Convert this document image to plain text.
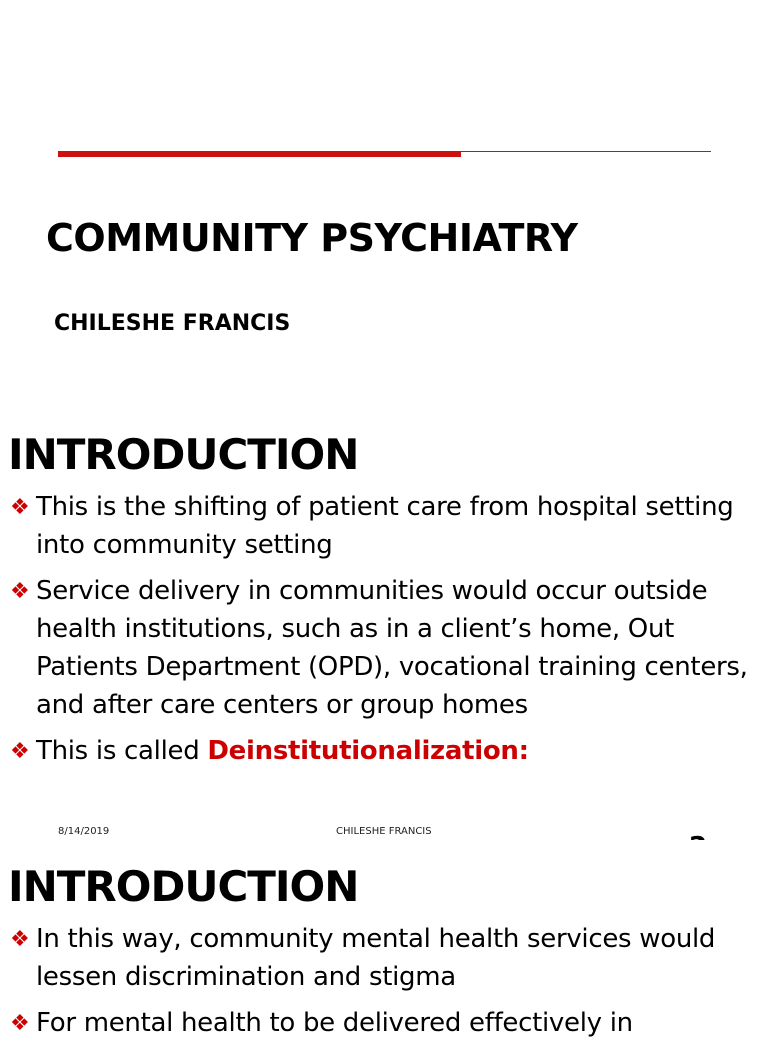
COMMUNITY PSYCHIATRY
CHILESHE FRANCIS
INTRODUCTION
❖ This is the shifting of patient care from hospital setting into community setting
❖ Service delivery in communities would occur outside health institutions, such as in a client’s home, Out Patients Department (OPD), vocational training centers, and after care centers or group homes
❖ This is called Deinstitutionalization:
8/14/2019	CHILESHE FRANCIS
INTRODUCTION
❖ In this way, community mental health services would lessen discrimination and stigma
❖ For mental health to be delivered effectively in
